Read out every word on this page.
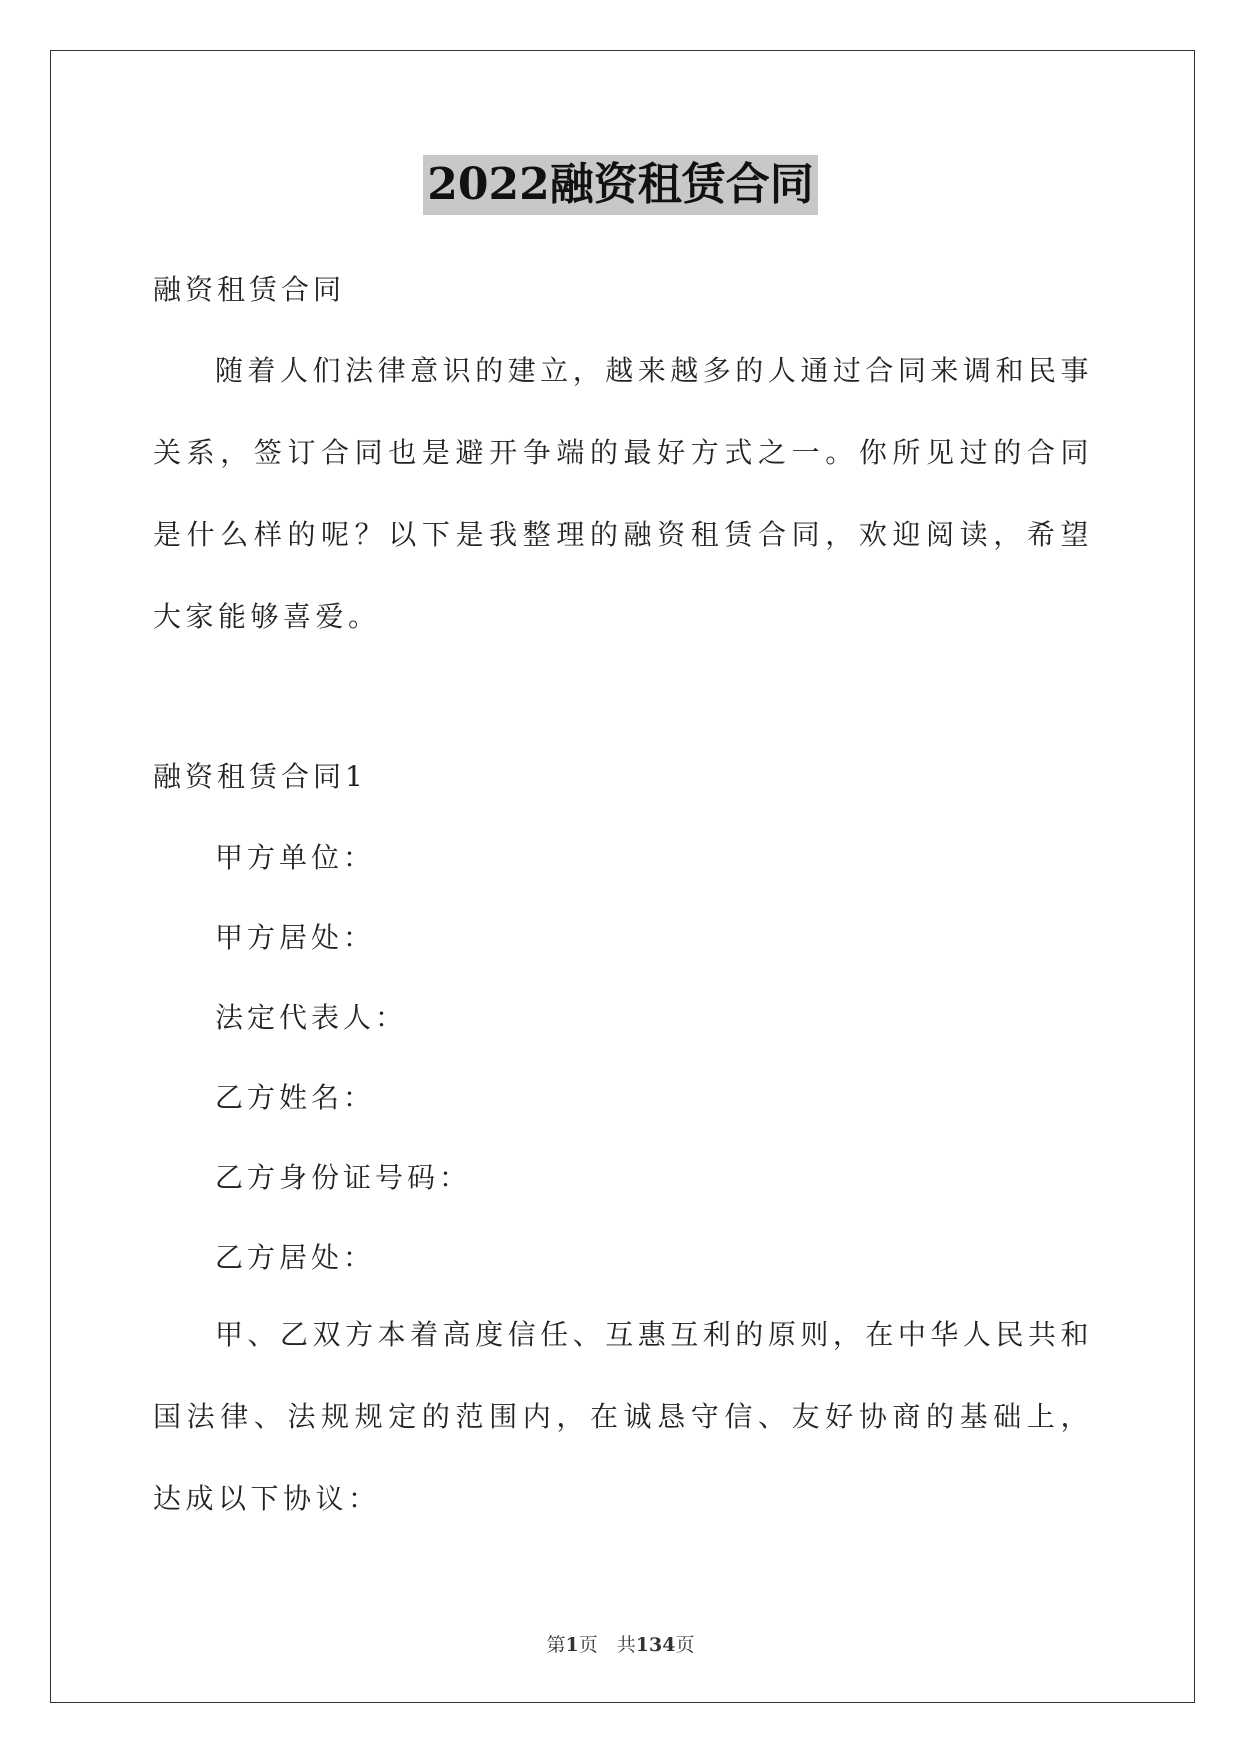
2022融资租赁合同
融资租赁合同
随着人们法律意识的建立，越来越多的人通过合同来调和民事关系，签订合同也是避开争端的最好方式之一。你所见过的合同是什么样的呢？以下是我整理的融资租赁合同，欢迎阅读，希望大家能够喜爱。
融资租赁合同1
甲方单位：
甲方居处：
法定代表人：
乙方姓名：
乙方身份证号码：
乙方居处：
甲、乙双方本着高度信任、互惠互利的原则，在中华人民共和国法律、法规规定的范围内，在诚恳守信、友好协商的基础上，达成以下协议：
第1页　共134页
